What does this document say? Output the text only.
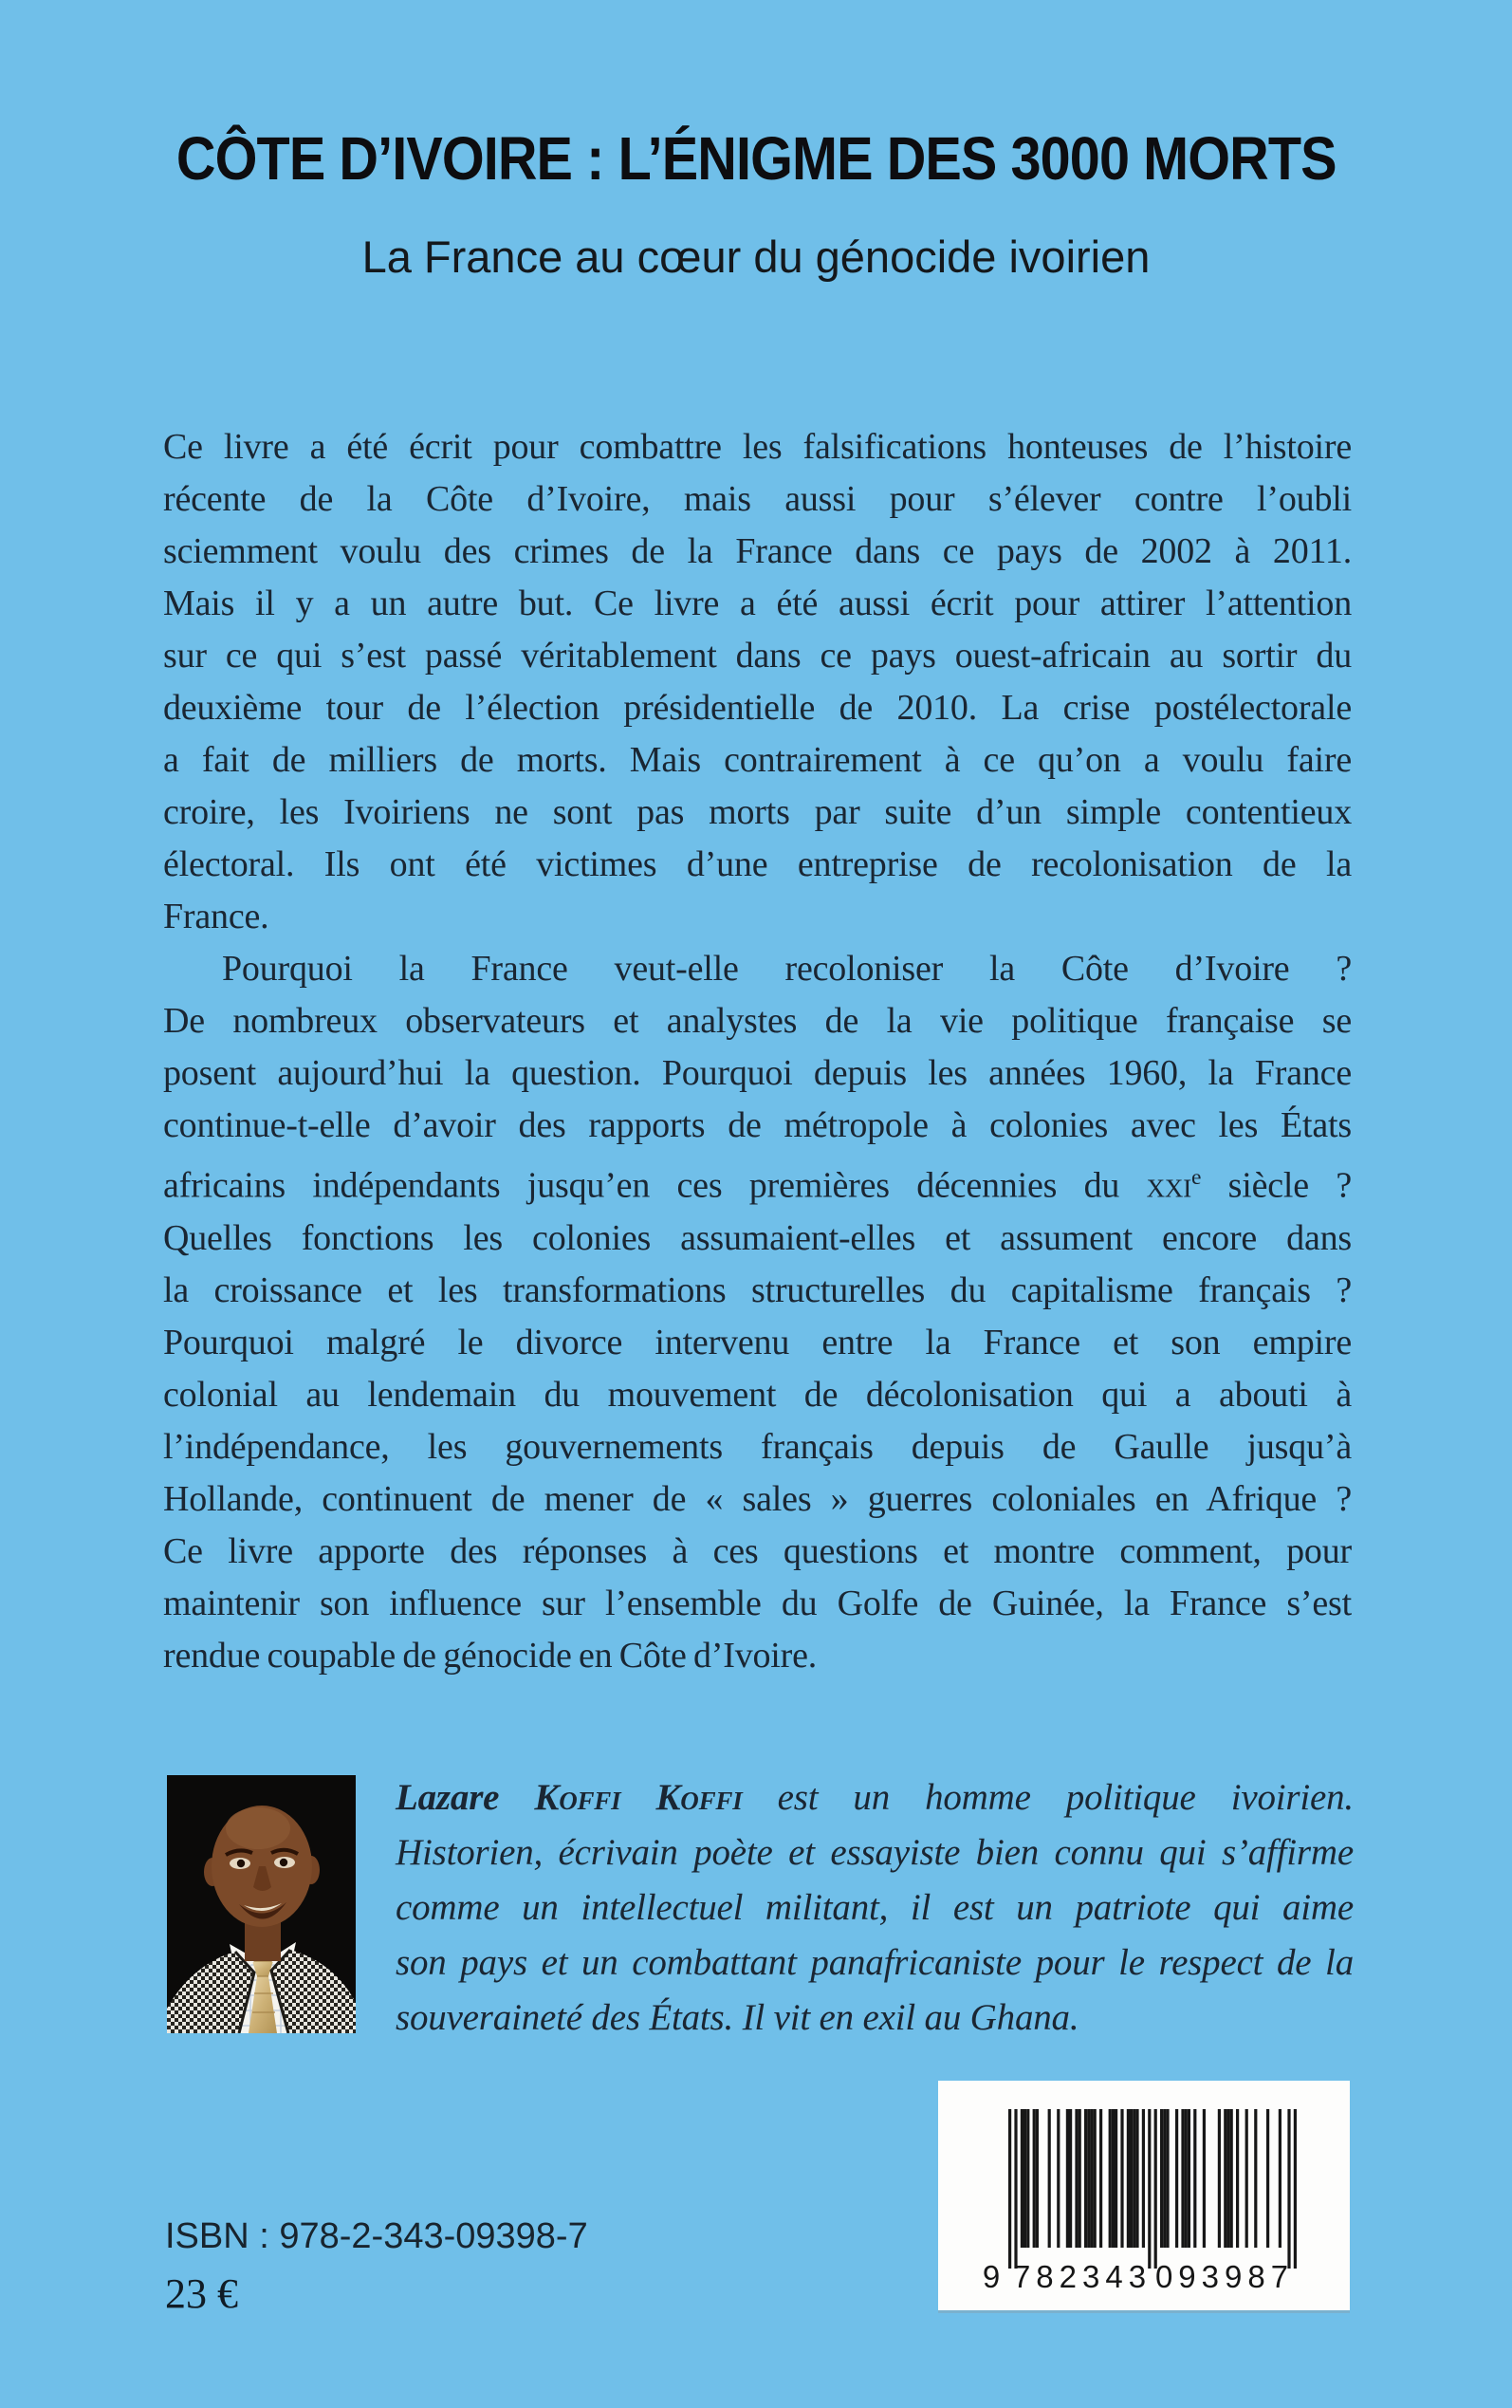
CÔTE D’IVOIRE : L’ÉNIGME DES 3000 MORTS
La France au cœur du génocide ivoirien
Ce livre a été écrit pour combattre les falsifications honteuses de l’histoire
récente de la Côte d’Ivoire, mais aussi pour s’élever contre l’oubli
sciemment voulu des crimes de la France dans ce pays de 2002 à 2011.
Mais il y a un autre but. Ce livre a été aussi écrit pour attirer l’attention
sur ce qui s’est passé véritablement dans ce pays ouest-africain au sortir du
deuxième tour de l’élection présidentielle de 2010. La crise postélectorale
a fait de milliers de morts. Mais contrairement à ce qu’on a voulu faire
croire, les Ivoiriens ne sont pas morts par suite d’un simple contentieux
électoral. Ils ont été victimes d’une entreprise de recolonisation de la
France.
Pourquoi la France veut-elle recoloniser la Côte d’Ivoire ?
De nombreux observateurs et analystes de la vie politique française se
posent aujourd’hui la question. Pourquoi depuis les années 1960, la France
continue-t-elle d’avoir des rapports de métropole à colonies avec les États
africains indépendants jusqu’en ces premières décennies du xxi$^e$ siècle ?
Quelles fonctions les colonies assumaient-elles et assument encore dans
la croissance et les transformations structurelles du capitalisme français ?
Pourquoi malgré le divorce intervenu entre la France et son empire
colonial au lendemain du mouvement de décolonisation qui a abouti à
l’indépendance, les gouvernements français depuis de Gaulle jusqu’à
Hollande, continuent de mener de « sales » guerres coloniales en Afrique ?
Ce livre apporte des réponses à ces questions et montre comment, pour
maintenir son influence sur l’ensemble du Golfe de Guinée, la France s’est
rendue coupable de génocide en Côte d’Ivoire.
Lazare Koffi Koffi est un homme politique ivoirien.
Historien, écrivain poète et essayiste bien connu qui s’affirme
comme un intellectuel militant, il est un patriote qui aime
son pays et un combattant panafricaniste pour le respect de la
souveraineté des États. Il vit en exil au Ghana.
ISBN : 978-2-343-09398-7
23 €	9 782343 093987
